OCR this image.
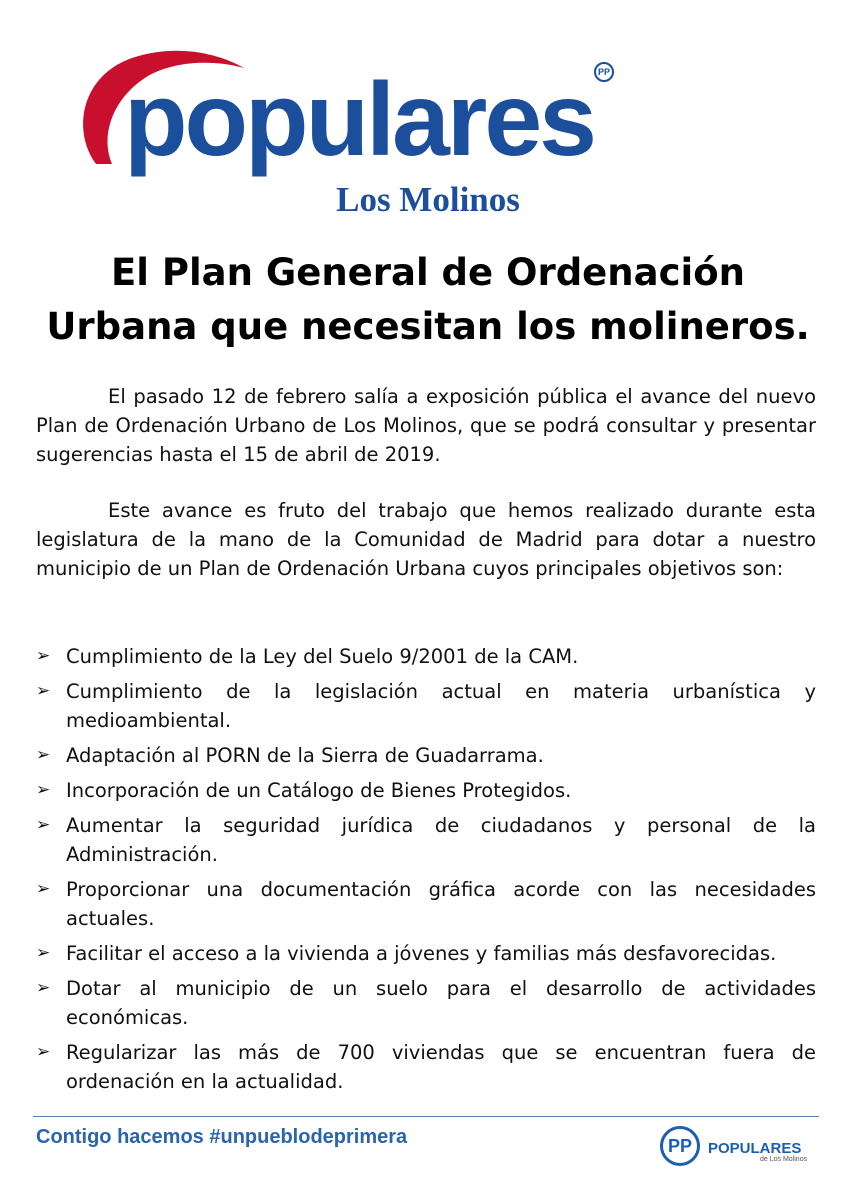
populares PP
Los Molinos
El Plan General de Ordenación Urbana que necesitan los molineros.

El pasado 12 de febrero salía a exposición pública el avance del nuevo Plan de Ordenación Urbano de Los Molinos, que se podrá consultar y presentar sugerencias hasta el 15 de abril de 2019.

Este avance es fruto del trabajo que hemos realizado durante esta legislatura de la mano de la Comunidad de Madrid para dotar a nuestro municipio de un Plan de Ordenación Urbana cuyos principales objetivos son:

➢ Cumplimiento de la Ley del Suelo 9/2001 de la CAM.
➢ Cumplimiento de la legislación actual en materia urbanística y medioambiental.
➢ Adaptación al PORN de la Sierra de Guadarrama.
➢ Incorporación de un Catálogo de Bienes Protegidos.
➢ Aumentar la seguridad jurídica de ciudadanos y personal de la Administración.
➢ Proporcionar una documentación gráfica acorde con las necesidades actuales.
➢ Facilitar el acceso a la vivienda a jóvenes y familias más desfavorecidas.
➢ Dotar al municipio de un suelo para el desarrollo de actividades económicas.
➢ Regularizar las más de 700 viviendas que se encuentran fuera de ordenación en la actualidad.
Contigo hacemos #unpueblodeprimera	PP	POPULARES
de Los Molinos
